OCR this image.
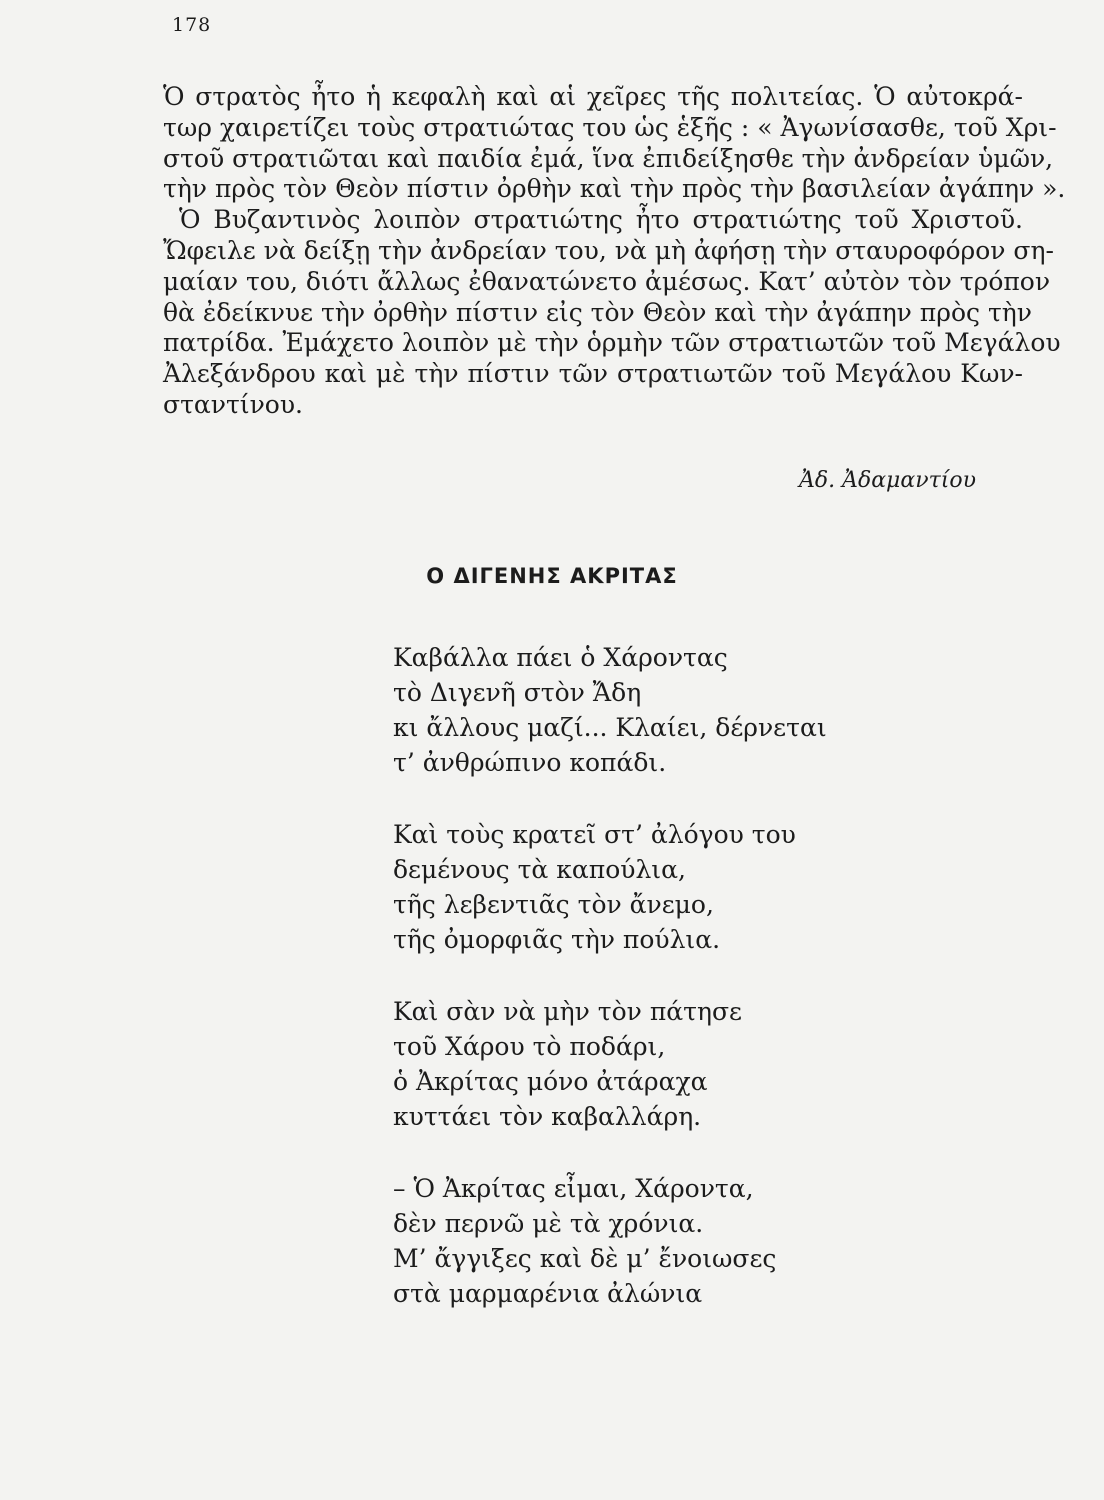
178
Ὁ στρατὸς ἦτο ἡ κεφαλὴ καὶ αἱ χεῖρες τῆς πολιτείας. Ὁ αὐτοκρά-
τωρ χαιρετίζει τοὺς στρατιώτας του ὡς ἑξῆς : « Ἀγωνίσασθε, τοῦ Χρι-
στοῦ στρατιῶται καὶ παιδία ἐμά, ἵνα ἐπιδείξησθε τὴν ἀνδρείαν ὑμῶν,
τὴν πρὸς τὸν Θεὸν πίστιν ὀρθὴν καὶ τὴν πρὸς τὴν βασιλείαν ἀγάπην ».
Ὁ Βυζαντινὸς λοιπὸν στρατιώτης ἦτο στρατιώτης τοῦ Χριστοῦ.
Ὤφειλε νὰ δείξῃ τὴν ἀνδρείαν του, νὰ μὴ ἀφήσῃ τὴν σταυροφόρον ση-
μαίαν του, διότι ἄλλως ἐθανατώνετο ἀμέσως. Κατ’ αὐτὸν τὸν τρόπον
θὰ ἐδείκνυε τὴν ὀρθὴν πίστιν εἰς τὸν Θεὸν καὶ τὴν ἀγάπην πρὸς τὴν
πατρίδα. Ἐμάχετο λοιπὸν μὲ τὴν ὁρμὴν τῶν στρατιωτῶν τοῦ Μεγάλου
Ἀλεξάνδρου καὶ μὲ τὴν πίστιν τῶν στρατιωτῶν τοῦ Μεγάλου Κων-
σταντίνου.
Ἀδ. Ἀδαμαντίου
Ο ΔΙΓΕΝΗΣ ΑΚΡΙΤΑΣ
Καβάλλα πάει ὁ Χάροντας
τὸ Διγενῆ στὸν Ἄδη
κι ἄλλους μαζί... Κλαίει, δέρνεται
τ’ ἀνθρώπινο κοπάδι.
Καὶ τοὺς κρατεῖ στ’ ἀλόγου του
δεμένους τὰ καπούλια,
τῆς λεβεντιᾶς τὸν ἄνεμο,
τῆς ὀμορφιᾶς τὴν πούλια.
Καὶ σὰν νὰ μὴν τὸν πάτησε
τοῦ Χάρου τὸ ποδάρι,
ὁ Ἀκρίτας μόνο ἀτάραχα
κυττάει τὸν καβαλλάρη.
– Ὁ Ἀκρίτας εἶμαι, Χάροντα,
δὲν περνῶ μὲ τὰ χρόνια.
Μ’ ἄγγιξες καὶ δὲ μ’ ἔνοιωσες
στὰ μαρμαρένια ἀλώνια
